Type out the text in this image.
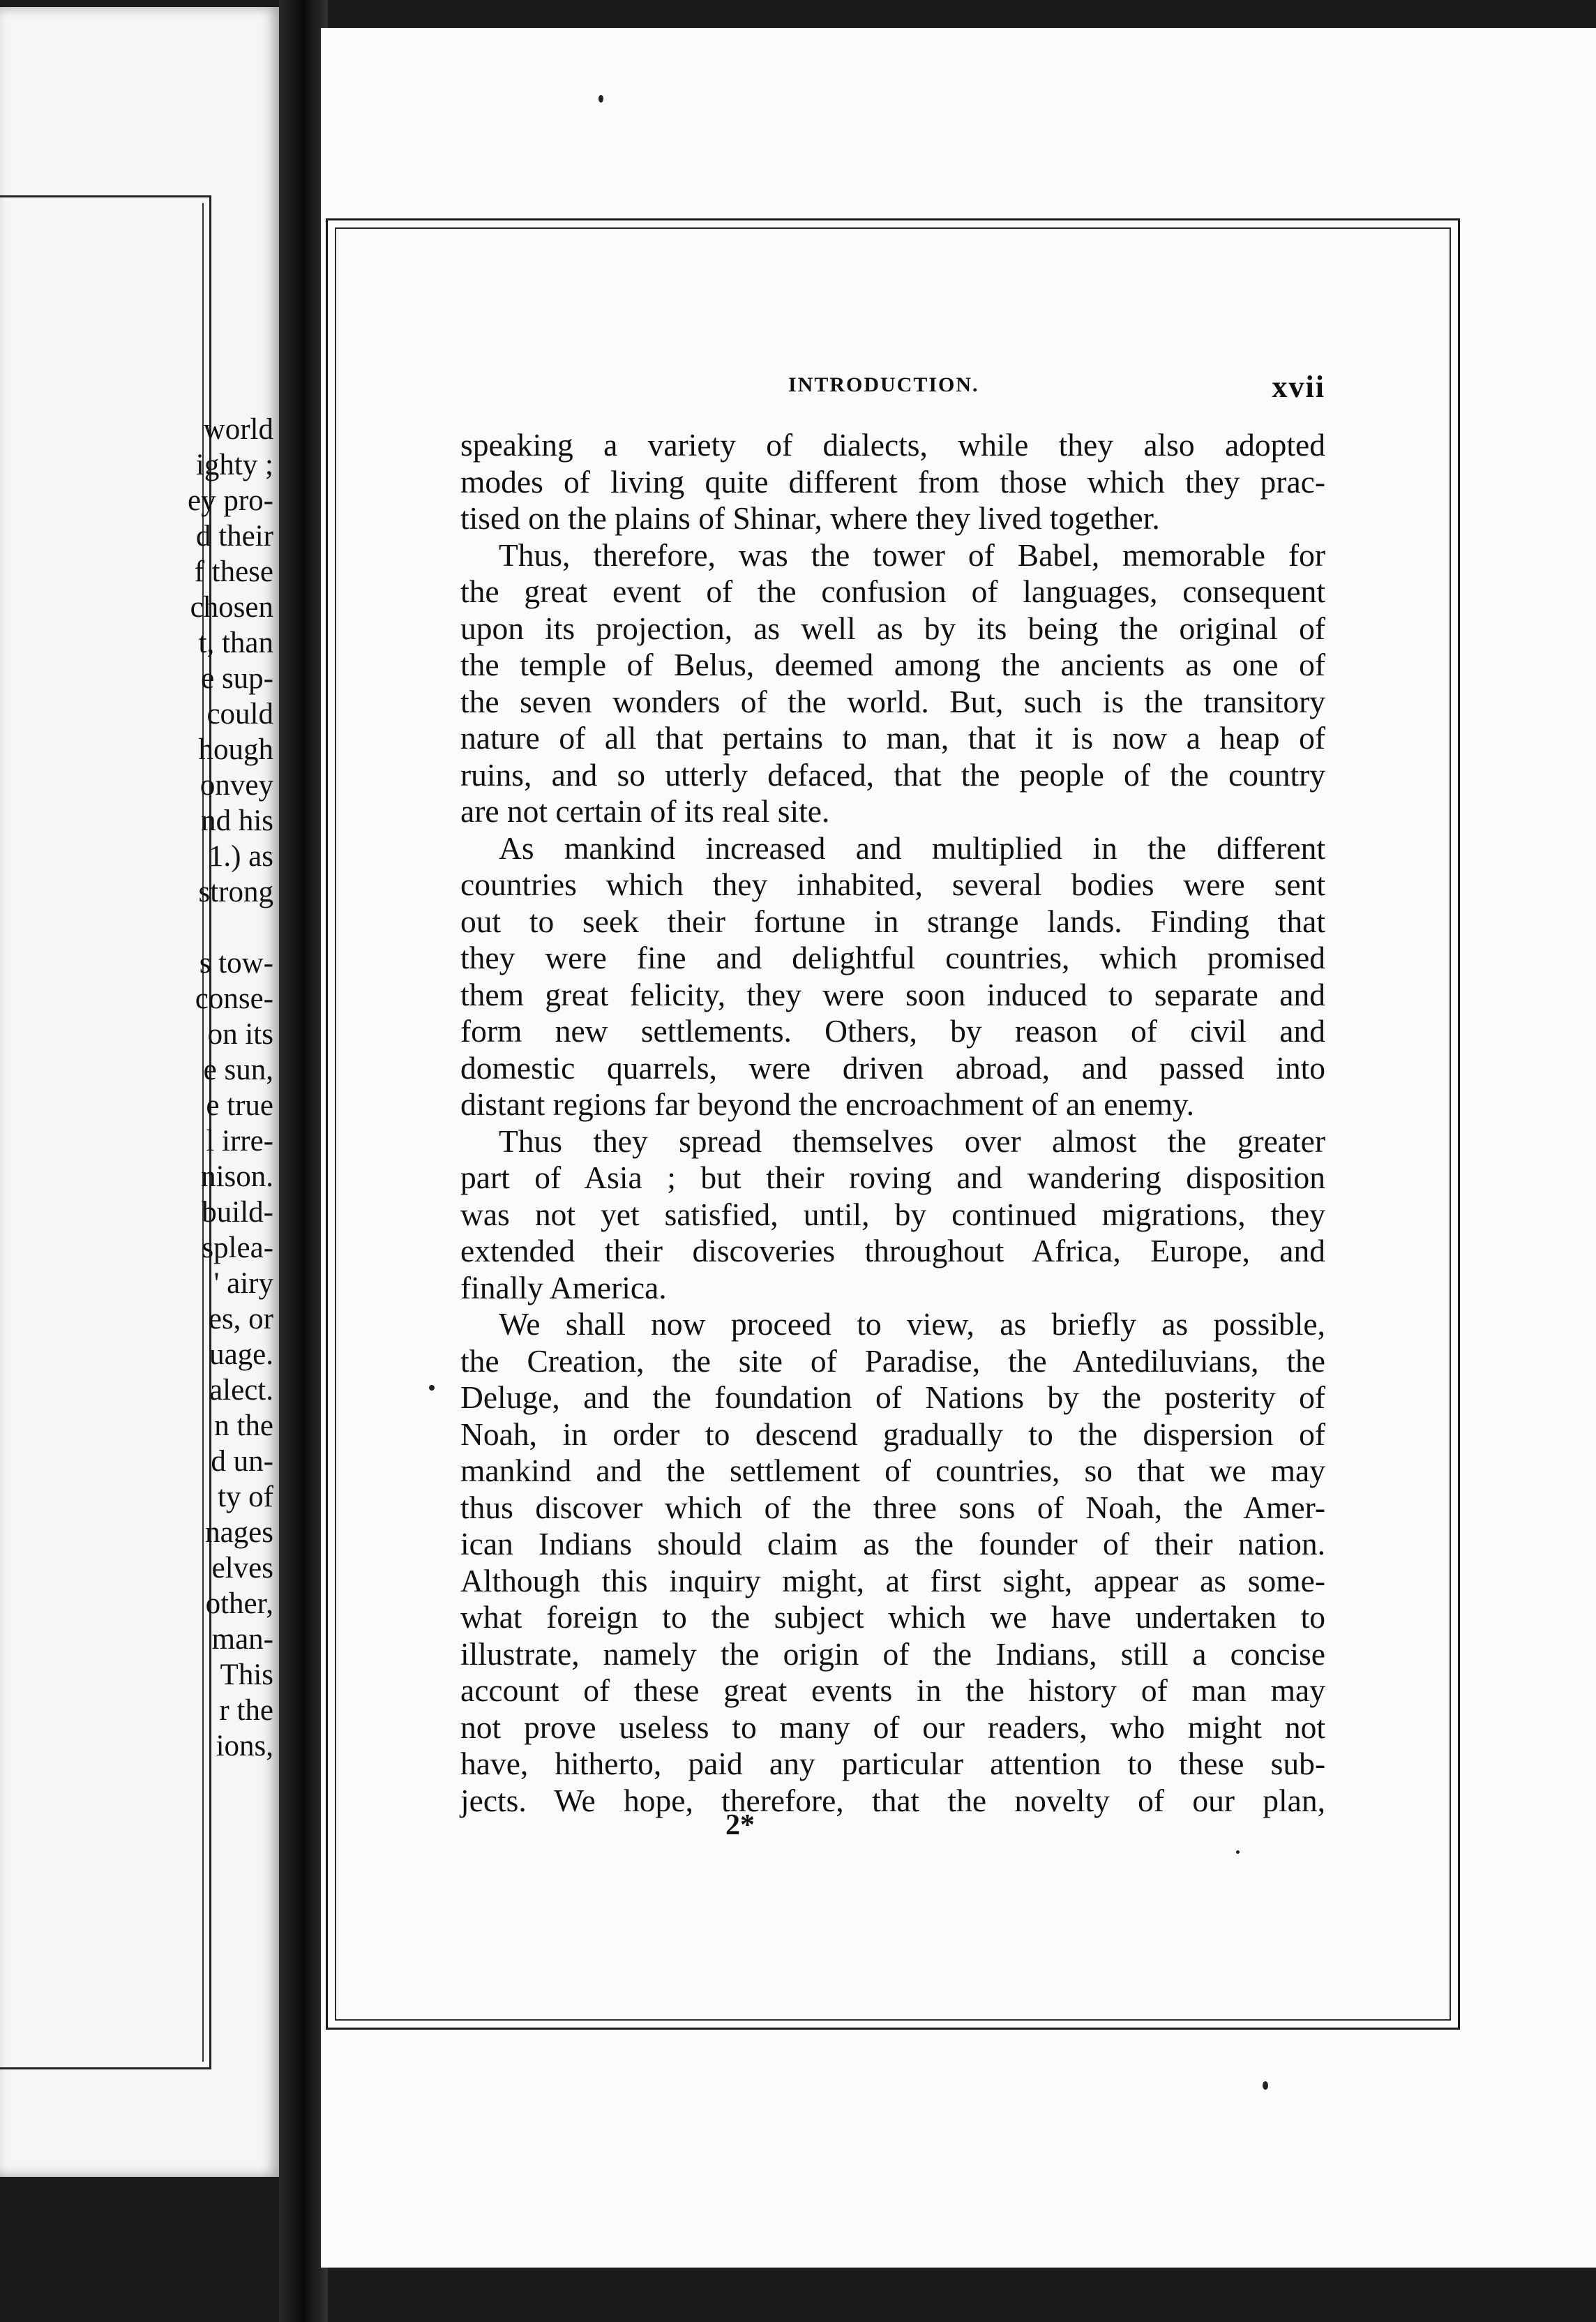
world
ighty ;
ey pro-
d their
f these
chosen
t, than
e sup-
could
hough
onvey
nd his
1.) as
strong
s tow-
conse-
on its
e sun,
e true
l irre-
nison.
build-
splea-
' airy
es, or
uage.
alect.
n the
d un-
ty of
nages
elves
other,
man-
This
r the
ions,
INTRODUCTION.	xvii
speaking a variety of dialects, while they also adopted
modes of living quite different from those which they prac-
tised on the plains of Shinar, where they lived together.
Thus, therefore, was the tower of Babel, memorable for
the great event of the confusion of languages, consequent
upon its projection, as well as by its being the original of
the temple of Belus, deemed among the ancients as one of
the seven wonders of the world. But, such is the transitory
nature of all that pertains to man, that it is now a heap of
ruins, and so utterly defaced, that the people of the country
are not certain of its real site.
As mankind increased and multiplied in the different
countries which they inhabited, several bodies were sent
out to seek their fortune in strange lands. Finding that
they were fine and delightful countries, which promised
them great felicity, they were soon induced to separate and
form new settlements. Others, by reason of civil and
domestic quarrels, were driven abroad, and passed into
distant regions far beyond the encroachment of an enemy.
Thus they spread themselves over almost the greater
part of Asia ; but their roving and wandering disposition
was not yet satisfied, until, by continued migrations, they
extended their discoveries throughout Africa, Europe, and
finally America.
We shall now proceed to view, as briefly as possible,
the Creation, the site of Paradise, the Antediluvians, the
Deluge, and the foundation of Nations by the posterity of
Noah, in order to descend gradually to the dispersion of
mankind and the settlement of countries, so that we may
thus discover which of the three sons of Noah, the Amer-
ican Indians should claim as the founder of their nation.
Although this inquiry might, at first sight, appear as some-
what foreign to the subject which we have undertaken to
illustrate, namely the origin of the Indians, still a concise
account of these great events in the history of man may
not prove useless to many of our readers, who might not
have, hitherto, paid any particular attention to these sub-
jects. We hope, therefore, that the novelty of our plan,
2*
